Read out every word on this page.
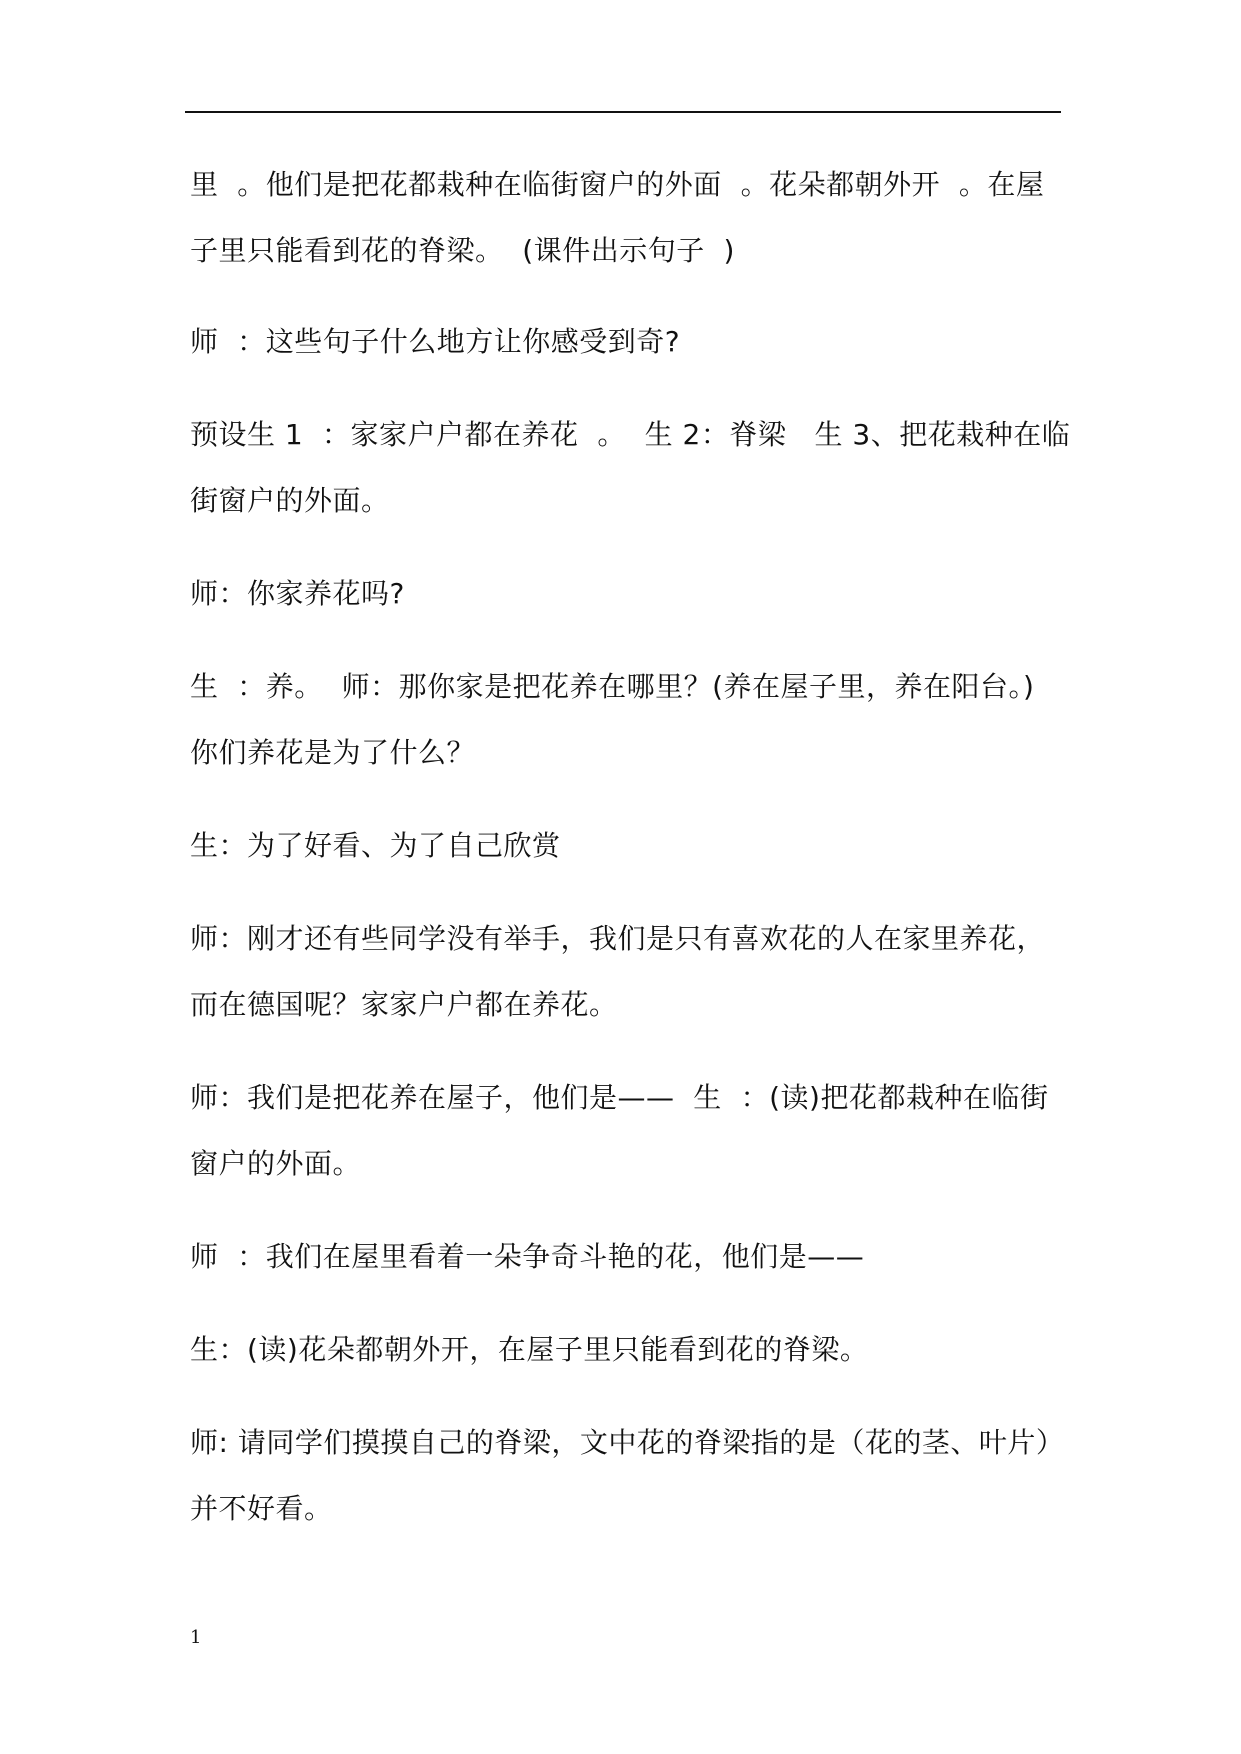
里  。他们是把花都栽种在临街窗户的外面  。花朵都朝外开  。在屋
子里只能看到花的脊梁。  (课件出示句子  )
师  ：这些句子什么地方让你感受到奇?
预设生 1  ：家家户户都在养花  。  生 2：脊梁   生 3、把花栽种在临
街窗户的外面。
师：你家养花吗?
生  ：养。  师：那你家是把花养在哪里？(养在屋子里，养在阳台。)
你们养花是为了什么？
生：为了好看、为了自己欣赏
师：刚才还有些同学没有举手，我们是只有喜欢花的人在家里养花，
而在德国呢？家家户户都在养花。
师：我们是把花养在屋子，他们是——  生  ：(读)把花都栽种在临街
窗户的外面。
师  ：我们在屋里看着一朵争奇斗艳的花，他们是——
生：(读)花朵都朝外开，在屋子里只能看到花的脊梁。
师: 请同学们摸摸自己的脊梁，文中花的脊梁指的是（花的茎、叶片）
并不好看。
1
